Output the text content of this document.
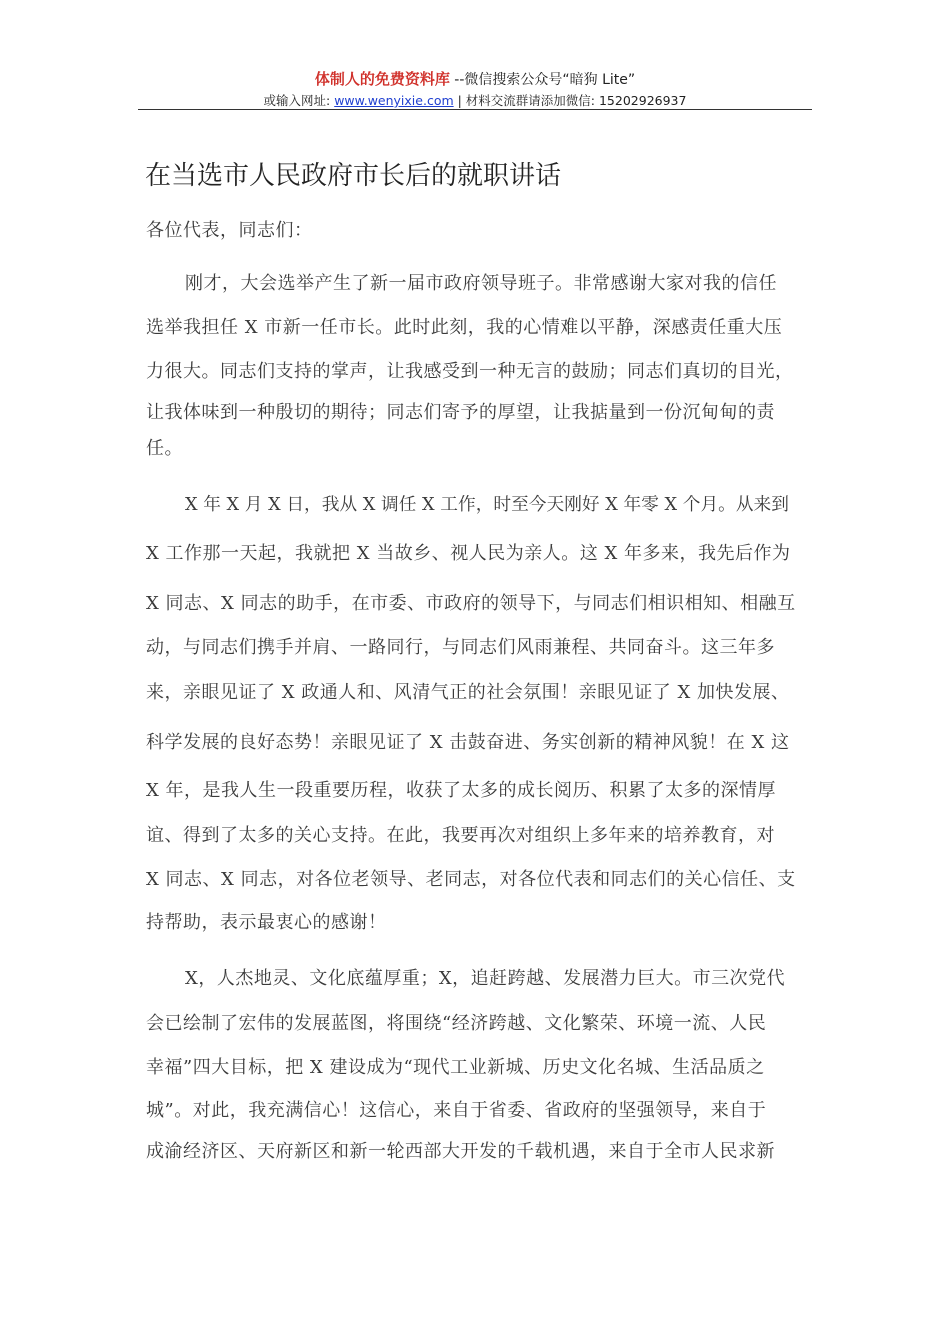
体制人的免费资料库 --微信搜索公众号“暗狗 Lite”
或输入网址: www.wenyixie.com | 材料交流群请添加微信: 15202926937
在当选市人民政府市长后的就职讲话
各位代表，同志们：
刚才，大会选举产生了新一届市政府领导班子。非常感谢大家对我的信任
选举我担任 X 市新一任市长。此时此刻，我的心情难以平静，深感责任重大压
力很大。同志们支持的掌声，让我感受到一种无言的鼓励；同志们真切的目光，
让我体味到一种殷切的期待；同志们寄予的厚望，让我掂量到一份沉甸甸的责
任。
X 年 X 月 X 日，我从 X 调任 X 工作，时至今天刚好 X 年零 X 个月。从来到
X 工作那一天起，我就把 X 当故乡、视人民为亲人。这 X 年多来，我先后作为
X 同志、X 同志的助手，在市委、市政府的领导下，与同志们相识相知、相融互
动，与同志们携手并肩、一路同行，与同志们风雨兼程、共同奋斗。这三年多
来，亲眼见证了 X 政通人和、风清气正的社会氛围！亲眼见证了 X 加快发展、
科学发展的良好态势！亲眼见证了 X 击鼓奋进、务实创新的精神风貌！在 X 这
X 年，是我人生一段重要历程，收获了太多的成长阅历、积累了太多的深情厚
谊、得到了太多的关心支持。在此，我要再次对组织上多年来的培养教育，对
X 同志、X 同志，对各位老领导、老同志，对各位代表和同志们的关心信任、支
持帮助，表示最衷心的感谢！
X，人杰地灵、文化底蕴厚重；X，追赶跨越、发展潜力巨大。市三次党代
会已绘制了宏伟的发展蓝图，将围绕“经济跨越、文化繁荣、环境一流、人民
幸福”四大目标，把 X 建设成为“现代工业新城、历史文化名城、生活品质之
城”。对此，我充满信心！这信心，来自于省委、省政府的坚强领导，来自于
成渝经济区、天府新区和新一轮西部大开发的千载机遇，来自于全市人民求新
